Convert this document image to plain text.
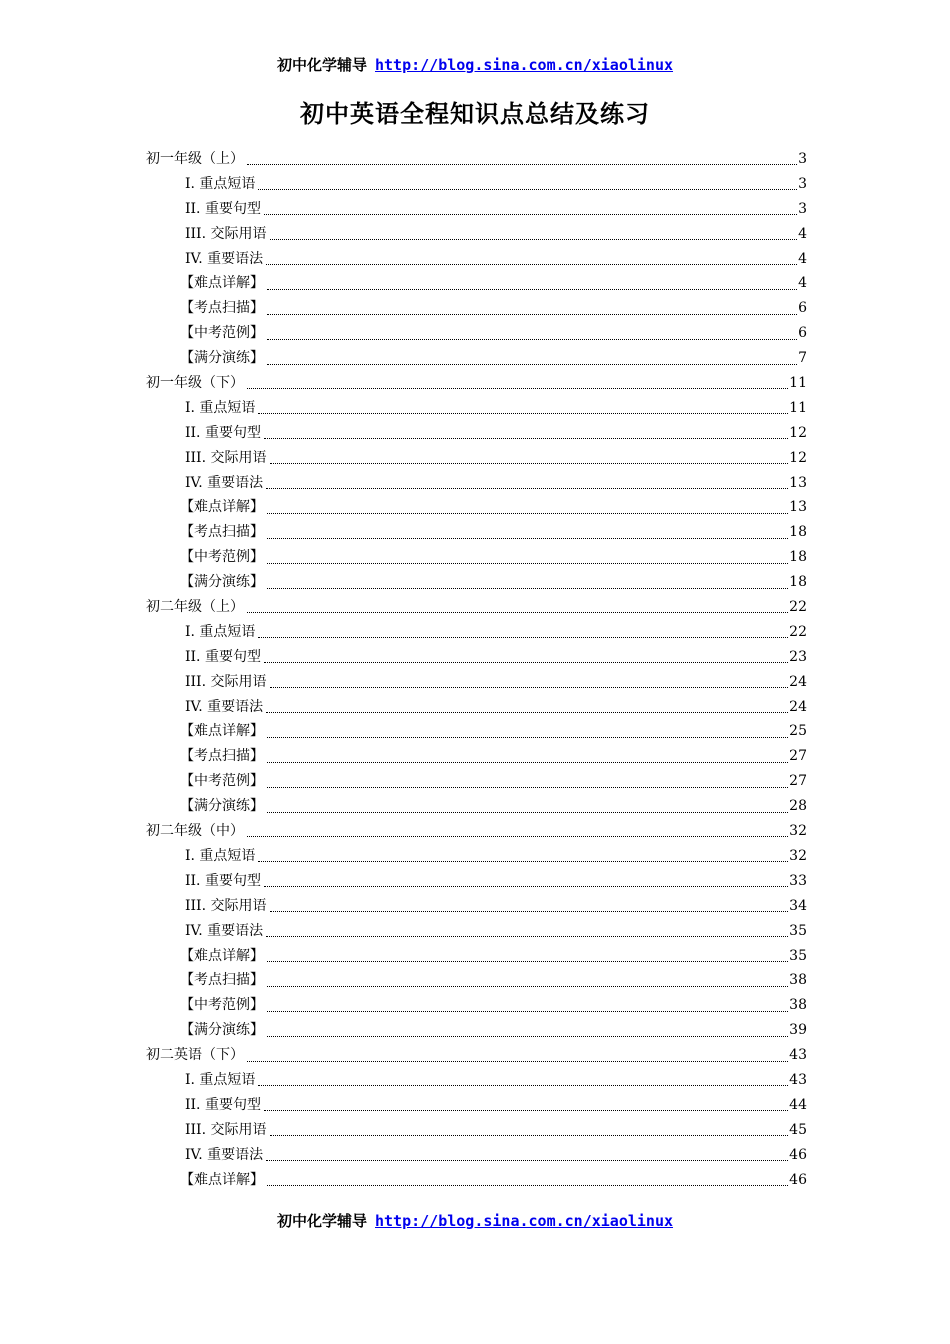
初中化学辅导 http://blog.sina.com.cn/xiaolinux
初中英语全程知识点总结及练习
初一年级（上）	3
I. 重点短语	3
II. 重要句型	3
III. 交际用语	4
IV. 重要语法	4
【难点详解】	4
【考点扫描】	6
【中考范例】	6
【满分演练】	7
初一年级（下）	11
I. 重点短语	11
II. 重要句型	12
III. 交际用语	12
IV. 重要语法	13
【难点详解】	13
【考点扫描】	18
【中考范例】	18
【满分演练】	18
初二年级（上）	22
I. 重点短语	22
II. 重要句型	23
III. 交际用语	24
IV. 重要语法	24
【难点详解】	25
【考点扫描】	27
【中考范例】	27
【满分演练】	28
初二年级（中）	32
I. 重点短语	32
II. 重要句型	33
III. 交际用语	34
IV. 重要语法	35
【难点详解】	35
【考点扫描】	38
【中考范例】	38
【满分演练】	39
初二英语（下）	43
I. 重点短语	43
II. 重要句型	44
III. 交际用语	45
IV. 重要语法	46
【难点详解】	46
初中化学辅导 http://blog.sina.com.cn/xiaolinux
